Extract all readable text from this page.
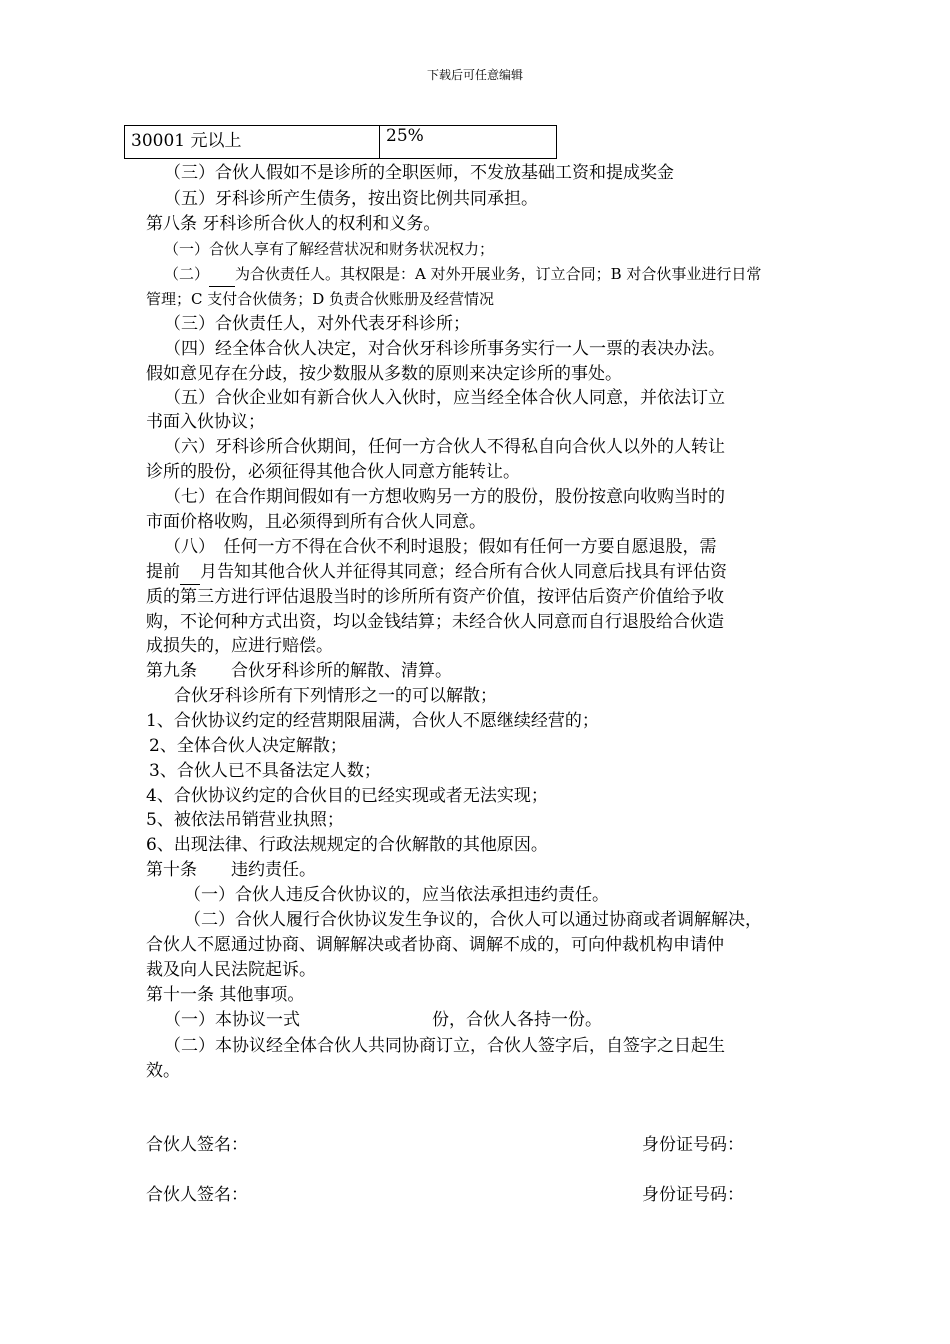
下载后可任意编辑
30001 元以上	25%
（三）合伙人假如不是诊所的全职医师，不发放基础工资和提成奖金
（五）牙科诊所产生债务，按出资比例共同承担。
第八条 牙科诊所合伙人的权利和义务。
（一）合伙人享有了解经营状况和财务状况权力；
（二） 为合伙责任人。其权限是：A 对外开展业务，订立合同；B 对合伙事业进行日常
管理；C 支付合伙债务；D 负责合伙账册及经营情况
（三）合伙责任人，对外代表牙科诊所；
（四）经全体合伙人决定，对合伙牙科诊所事务实行一人一票的表决办法。
假如意见存在分歧，按少数服从多数的原则来决定诊所的事处。
（五）合伙企业如有新合伙人入伙时，应当经全体合伙人同意，并依法订立
书面入伙协议；
（六）牙科诊所合伙期间，任何一方合伙人不得私自向合伙人以外的人转让
诊所的股份，必须征得其他合伙人同意方能转让。
（七）在合作期间假如有一方想收购另一方的股份，股份按意向收购当时的
市面价格收购，且必须得到所有合伙人同意。
（八）　任何一方不得在合伙不利时退股；假如有任何一方要自愿退股，需
提前 月告知其他合伙人并征得其同意；经合所有合伙人同意后找具有评估资
质的第三方进行评估退股当时的诊所所有资产价值，按评估后资产价值给予收
购，不论何种方式出资，均以金钱结算；未经合伙人同意而自行退股给合伙造
成损失的，应进行赔偿。
第九条　　合伙牙科诊所的解散、清算。
合伙牙科诊所有下列情形之一的可以解散；
1、合伙协议约定的经营期限届满，合伙人不愿继续经营的；
2、全体合伙人决定解散；
3、合伙人已不具备法定人数；
4、合伙协议约定的合伙目的已经实现或者无法实现；
5、被依法吊销营业执照；
6、出现法律、行政法规规定的合伙解散的其他原因。
第十条　　违约责任。
（一）合伙人违反合伙协议的，应当依法承担违约责任。
（二）合伙人履行合伙协议发生争议的，合伙人可以通过协商或者调解解决，
合伙人不愿通过协商、调解解决或者协商、调解不成的，可向仲裁机构申请仲
裁及向人民法院起诉。
第十一条 其他事项。
（一）本协议一式	份，合伙人各持一份。
（二）本协议经全体合伙人共同协商订立，合伙人签字后，自签字之日起生
效。
合伙人签名：	身份证号码：
合伙人签名：	身份证号码：
